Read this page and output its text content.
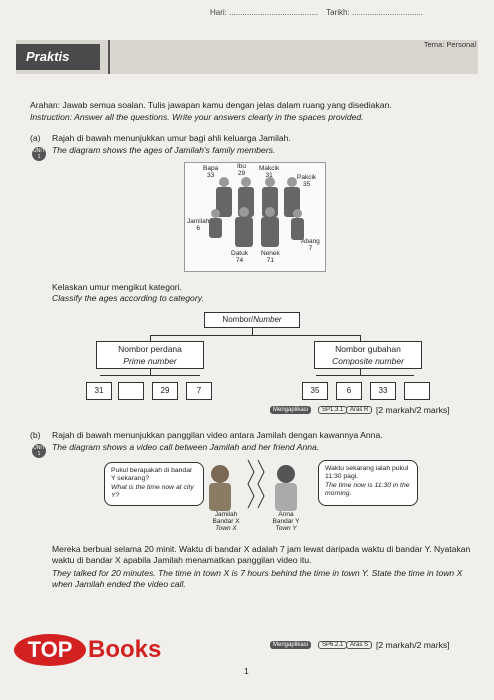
Hari: ........................................ Tarikh: ................................
Praktis
Tema: Personal
Arahan: Jawab semua soalan. Tulis jawapan kamu dengan jelas dalam ruang yang disediakan.
Instruction: Answer all the questions. Write your answers clearly in the spaces provided.
(a) Rajah di bawah menunjukkan umur bagi ahli keluarga Jamilah.
The diagram shows the ages of Jamilah's family members.
UNIT
1
Bapa
33
Ibu
29
Makcik
31	Pakcik
35
Jamilah
6
Abang
7
Datuk
74
Nenek
71
Kelaskan umur mengikut kategori.
Classify the ages according to category.
Nombor/Number
Nombor perdana
Prime number
Nombor gubahan
Composite number
31	29	7	35	6	33
Mengaplikasi	SP1.3.1	Aras R [2 markah/2 marks]
(b) Rajah di bawah menunjukkan panggilan video antara Jamilah dengan kawannya Anna.
The diagram shows a video call between Jamilah and her friend Anna.
UNIT
1
Pukul berapakah di bandar Y sekarang?
What is the time now at city Y?
Jamilah
Bandar X
Town X
Anna
Bandar Y
Town Y
Waktu sekarang ialah pukul 11:30 pagi.
The time now is 11:30 in the morning.
Mereka berbual selama 20 minit. Waktu di bandar X adalah 7 jam lewat daripada waktu di bandar Y. Nyatakan waktu di bandar X apabila Jamilah menamatkan panggilan video itu.
They talked for 20 minutes. The time in town X is 7 hours behind the time in town Y. State the time in town X when Jamilah ended the video call.
Mengaplikasi	SP6.2.1	Aras S [2 markah/2 marks]
1
TOP Books
